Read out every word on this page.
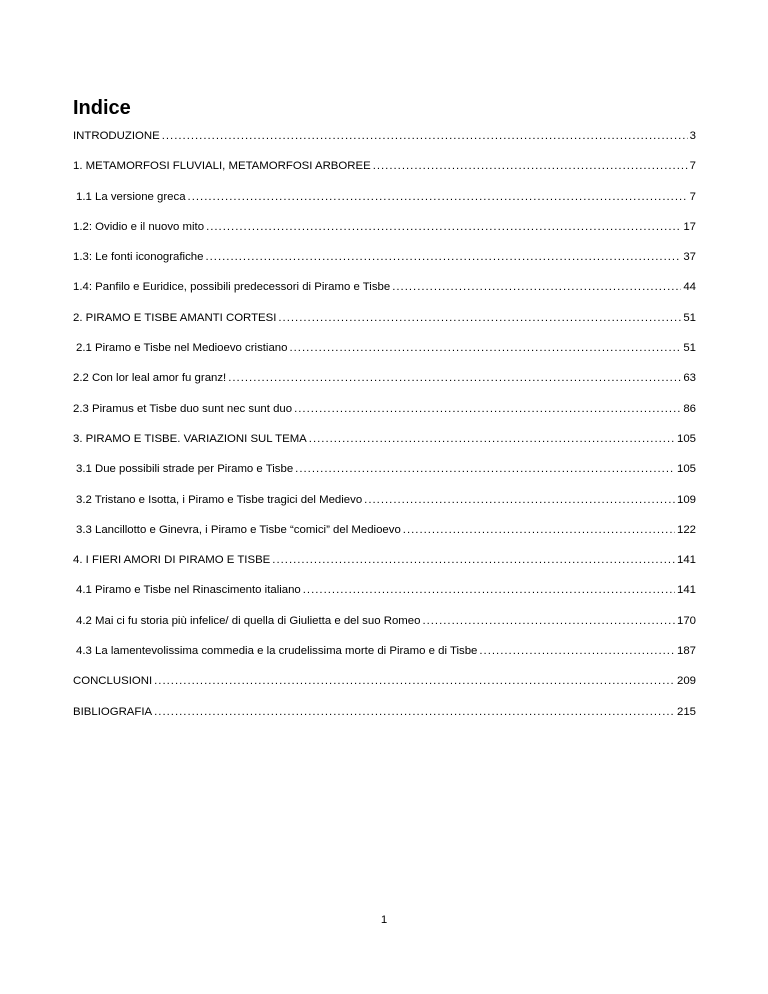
Indice
INTRODUZIONE .....	3
1. METAMORFOSI FLUVIALI, METAMORFOSI ARBOREE .....	7
1.1 La versione greca .....	7
1.2: Ovidio e il nuovo mito .....	17
1.3: Le fonti iconografiche .....	37
1.4: Panfilo e Euridice, possibili predecessori di Piramo e Tisbe .....	44
2. PIRAMO E TISBE AMANTI CORTESI .....	51
2.1 Piramo e Tisbe nel Medioevo cristiano .....	51
2.2 Con lor leal amor fu granz! .....	63
2.3 Piramus et Tisbe duo sunt nec sunt duo .....	86
3. PIRAMO E TISBE. VARIAZIONI SUL TEMA .....	105
3.1 Due possibili strade per Piramo e Tisbe .....	105
3.2 Tristano e Isotta, i Piramo e Tisbe tragici del Medievo .....	109
3.3 Lancillotto e Ginevra, i Piramo e Tisbe “comici” del Medioevo .....	122
4. I FIERI AMORI DI PIRAMO E TISBE .....	141
4.1 Piramo e Tisbe nel Rinascimento italiano .....	141
4.2 Mai ci fu storia più infelice/ di quella di Giulietta e del suo Romeo .....	170
4.3 La lamentevolissima commedia e la crudelissima morte di Piramo e di Tisbe .....	187
CONCLUSIONI .....	209
BIBLIOGRAFIA .....	215
1
